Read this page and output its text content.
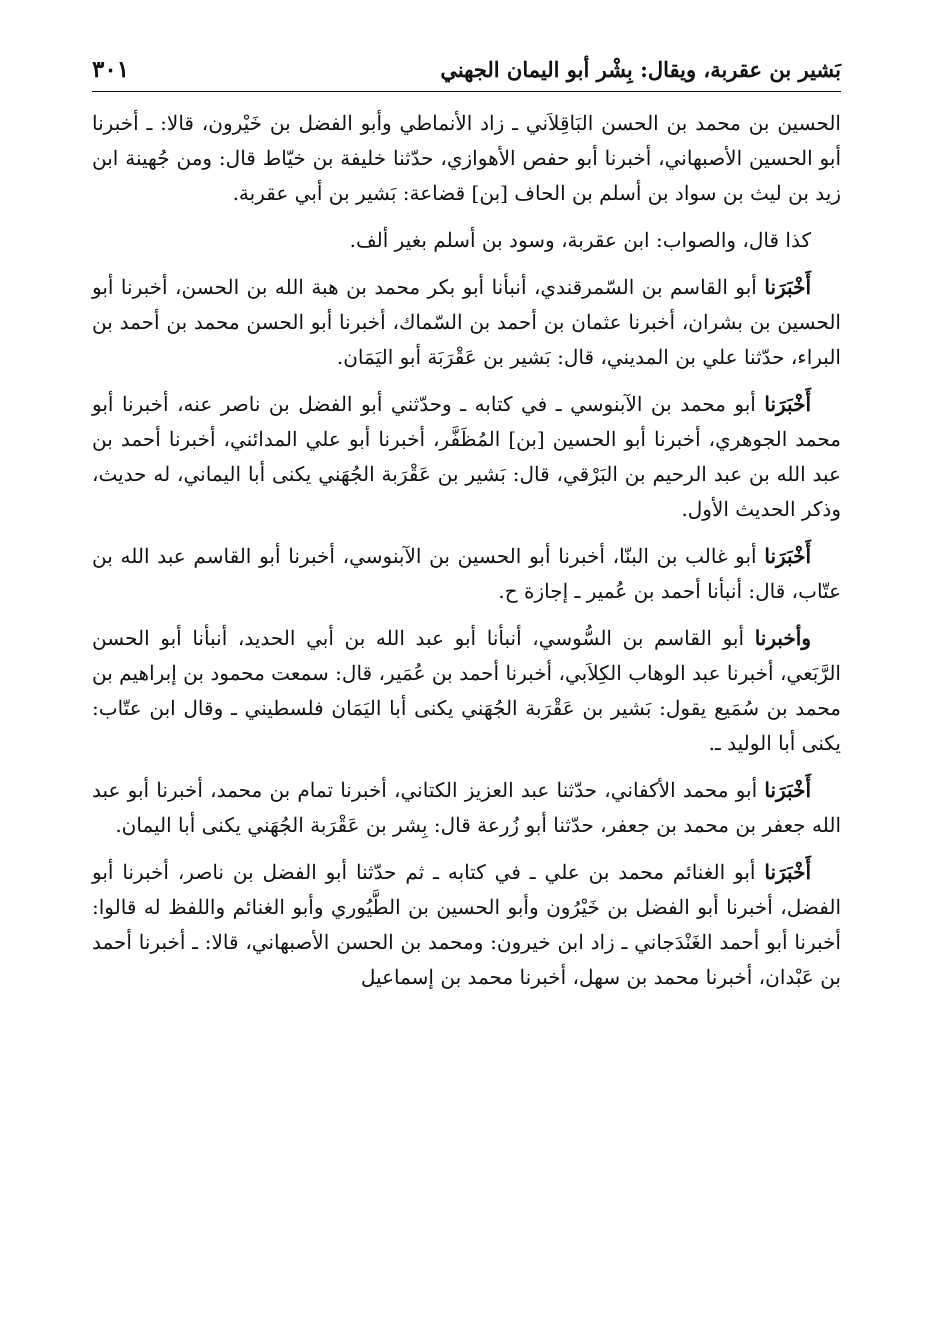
بَشير بن عقربة، ويقال: بِشْر أبو اليمان الجهني
٣٠١

الحسين بن محمد بن الحسن البَاقِلاَني ـ زاد الأنماطي وأبو الفضل بن خَيْرون، قالا: ـ أخبرنا أبو الحسين الأصبهاني، أخبرنا أبو حفص الأهوازي، حدّثنا خليفة بن خيّاط قال: ومن جُهينة ابن زيد بن ليث بن سواد بن أسلم بن الحاف [بن] قضاعة: بَشير بن أبي عقربة.

كذا قال، والصواب: ابن عقربة، وسود بن أسلم بغير ألف.

أَخْبَرَنا أبو القاسم بن السّمرقندي، أنبأنا أبو بكر محمد بن هبة الله بن الحسن، أخبرنا أبو الحسين بن بشران، أخبرنا عثمان بن أحمد بن السّماك، أخبرنا أبو الحسن محمد بن أحمد بن البراء، حدّثنا علي بن المديني، قال: بَشير بن عَقْرَبَة أبو اليَمَان.

أَخْبَرَنا أبو محمد بن الآبنوسي ـ في كتابه ـ وحدّثني أبو الفضل بن ناصر عنه، أخبرنا أبو محمد الجوهري، أخبرنا أبو الحسين [بن] المُظَفَّر، أخبرنا أبو علي المدائني، أخبرنا أحمد بن عبد الله بن عبد الرحيم بن البَرْقي، قال: بَشير بن عَقْرَبة الجُهَني يكنى أبا اليماني، له حديث، وذكر الحديث الأول.

أَخْبَرَنا أبو غالب بن البنّا، أخبرنا أبو الحسين بن الآبنوسي، أخبرنا أبو القاسم عبد الله بن عتّاب، قال: أنبأنا أحمد بن عُمير ـ إجازة ح.

وأخبرنا أبو القاسم بن السُّوسي، أنبأنا أبو عبد الله بن أبي الحديد، أنبأنا أبو الحسن الرَّبَعي، أخبرنا عبد الوهاب الكِلاَبي، أخبرنا أحمد بن عُمَير، قال: سمعت محمود بن إبراهيم بن محمد بن سُمَيع يقول: بَشير بن عَقْرَبة الجُهَني يكنى أبا اليَمَان فلسطيني ـ وقال ابن عتّاب: يكنى أبا الوليد ـ.

أَخْبَرَنا أبو محمد الأكفاني، حدّثنا عبد العزيز الكتاني، أخبرنا تمام بن محمد، أخبرنا أبو عبد الله جعفر بن محمد بن جعفر، حدّثنا أبو زُرعة قال: بِشر بن عَقْرَبة الجُهَني يكنى أبا اليمان.

أَخْبَرَنا أبو الغنائم محمد بن علي ـ في كتابه ـ ثم حدّثنا أبو الفضل بن ناصر، أخبرنا أبو الفضل، أخبرنا أبو الفضل بن خَيْرُون وأبو الحسين بن الطَّيُوري وأبو الغنائم واللفظ له قالوا: أخبرنا أبو أحمد الغَنْدَجاني ـ زاد ابن خيرون: ومحمد بن الحسن الأصبهاني، قالا: ـ أخبرنا أحمد بن عَبْدان، أخبرنا محمد بن سهل، أخبرنا محمد بن إسماعيل
